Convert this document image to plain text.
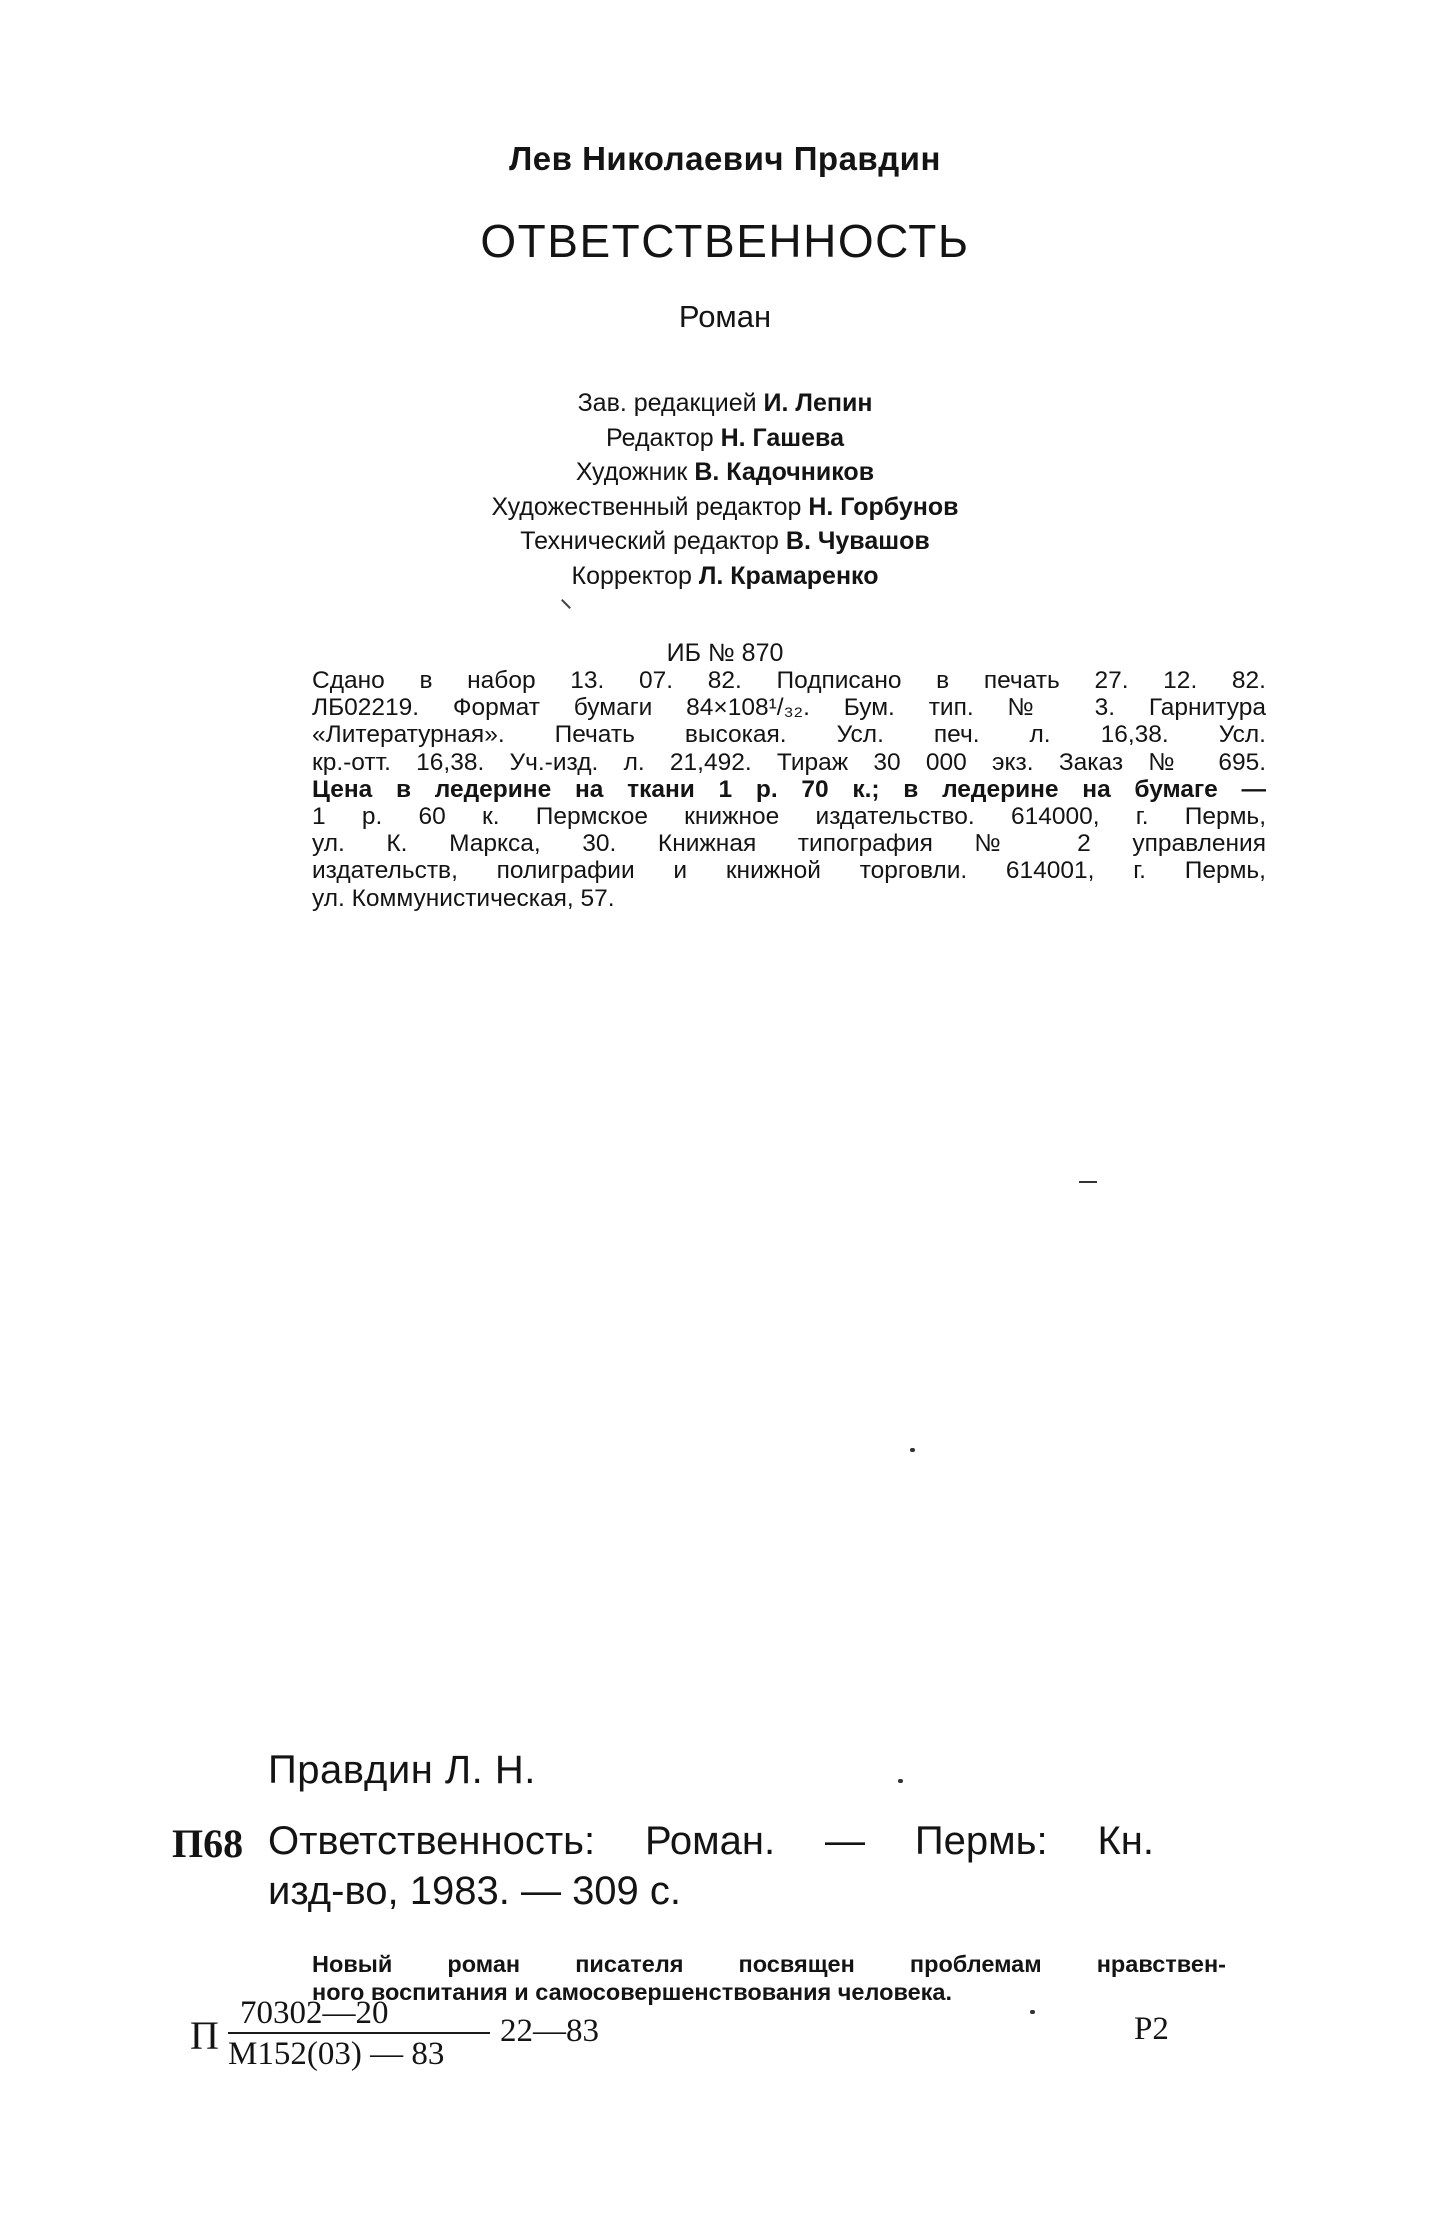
Лев Николаевич Правдин
ОТВЕТСТВЕННОСТЬ
Роман
Зав. редакцией И. Лепин
Редактор Н. Гашева
Художник В. Кадочников
Художественный редактор Н. Горбунов
Технический редактор В. Чувашов
Корректор Л. Крамаренко
ИБ № 870
Сдано в набор 13. 07. 82. Подписано в печать 27. 12. 82.
ЛБ02219. Формат бумаги 84×108¹/₃₂. Бум. тип. № 3. Гарнитура
«Литературная». Печать высокая. Усл. печ. л. 16,38. Усл.
кр.-отт. 16,38. Уч.-изд. л. 21,492. Тираж 30 000 экз. Заказ № 695.
Цена в ледерине на ткани 1 р. 70 к.; в ледерине на бумаге —
1 р. 60 к. Пермское книжное издательство. 614000, г. Пермь,
ул. К. Маркса, 30. Книжная типография № 2 управления
издательств, полиграфии и книжной торговли. 614001, г. Пермь,
ул. Коммунистическая, 57.
Правдин Л. Н.
П68 Ответственность: Роман. — Пермь: Кн.
изд-во, 1983. — 309 с.
Новый роман писателя посвящен проблемам нравствен-
ного воспитания и самосовершенствования человека.
П 70302—20
М152(03) — 83
22—83	Р2
